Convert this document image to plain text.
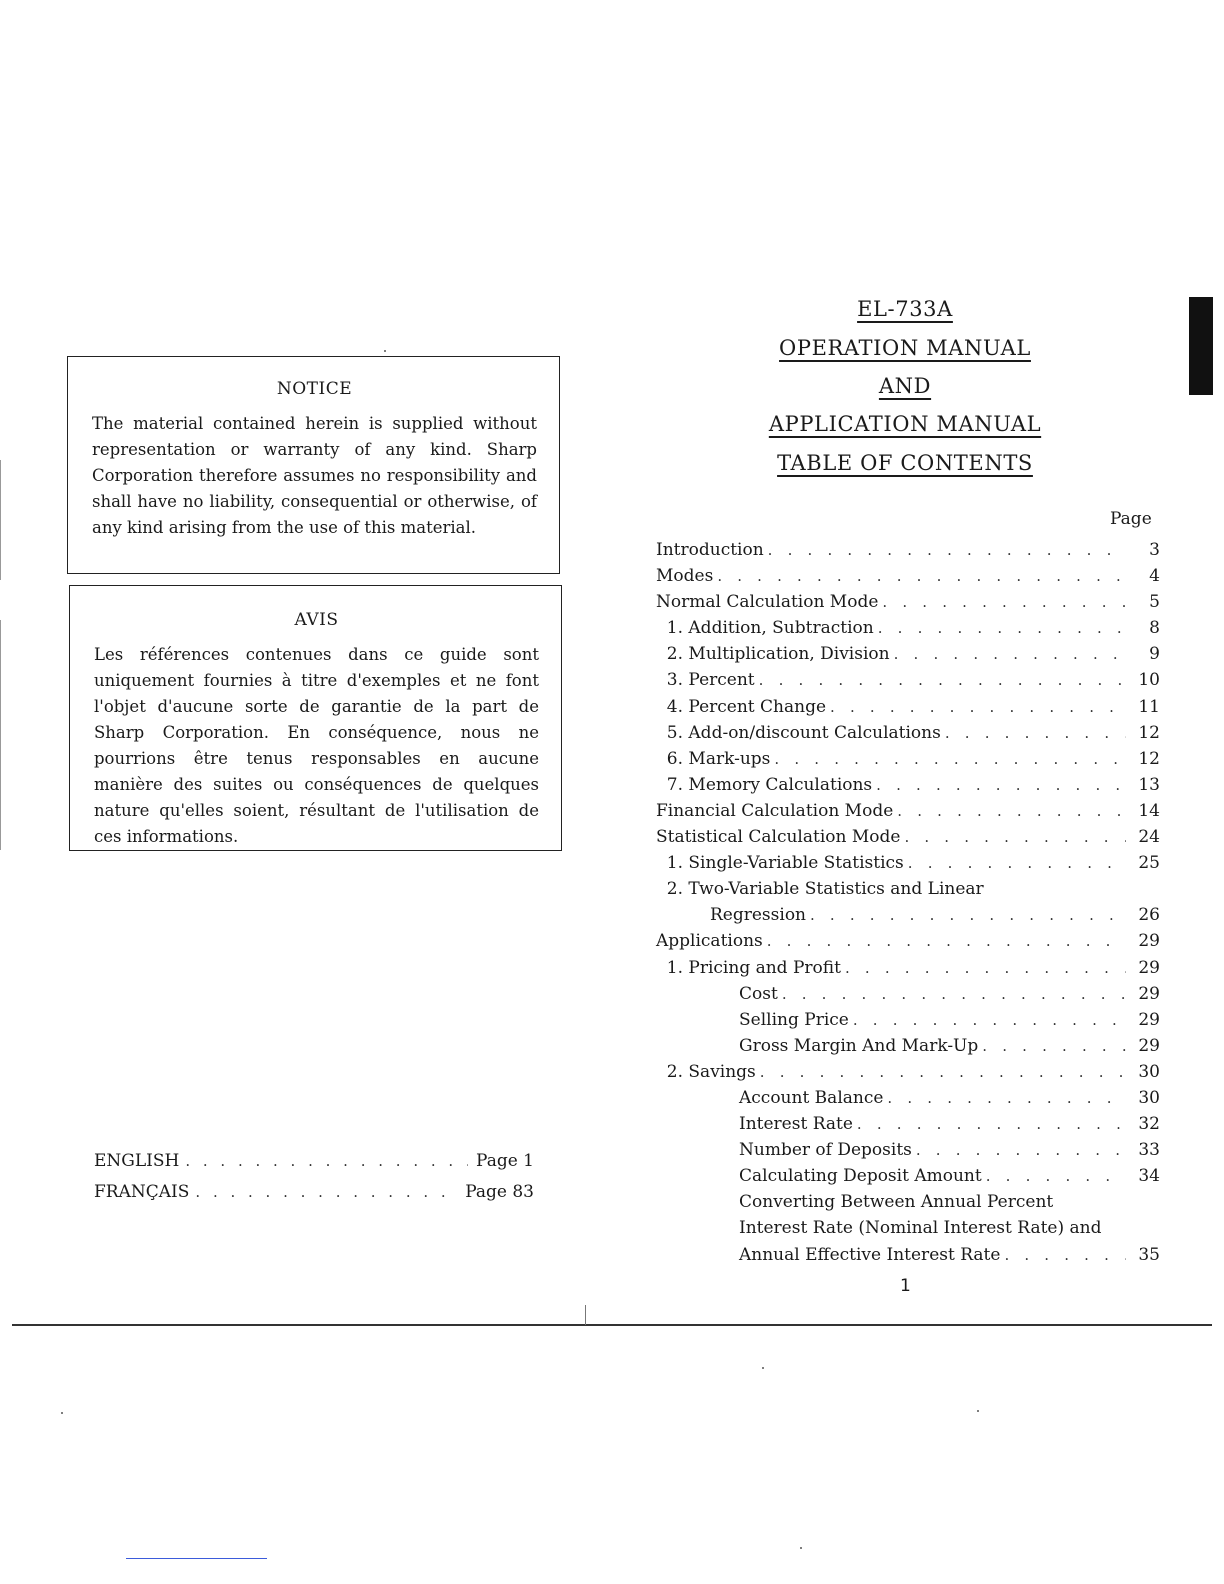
NOTICE
The material contained herein is supplied without representation or warranty of any kind. Sharp Corporation therefore assumes no responsibility and shall have no liability, consequential or otherwise, of any kind arising from the use of this material.
AVIS
Les références contenues dans ce guide sont uniquement fournies à titre d'exemples et ne font l'objet d'aucune sorte de garantie de la part de Sharp Corporation. En conséquence, nous ne pourrions être tenus responsables en aucune manière des suites ou conséquences de quelques nature qu'elles soient, résultant de l'utilisation de ces informations.
ENGLISH . . .	Page 1
FRANÇAIS . . .	Page 83
EL-733A
OPERATION MANUAL
AND
APPLICATION MANUAL
TABLE OF CONTENTS
Page
Introduction . . .	3
Modes . . .	4
Normal Calculation Mode . . .	5
1. Addition, Subtraction . . .	8
2. Multiplication, Division . . .	9
3. Percent . . .	10
4. Percent Change . . .	11
5. Add-on/discount Calculations . . .	12
6. Mark-ups . . .	12
7. Memory Calculations . . .	13
Financial Calculation Mode . . .	14
Statistical Calculation Mode . . .	24
1. Single-Variable Statistics . . .	25
2. Two-Variable Statistics and Linear
Regression . . .	26
Applications . . .	29
1. Pricing and Profit . . .	29
Cost . . .	29
Selling Price . . .	29
Gross Margin And Mark-Up . . .	29
2. Savings . . .	30
Account Balance . . .	30
Interest Rate . . .	32
Number of Deposits . . .	33
Calculating Deposit Amount . . .	34
Converting Between Annual Percent
Interest Rate (Nominal Interest Rate) and
Annual Effective Interest Rate . . .	35
1
